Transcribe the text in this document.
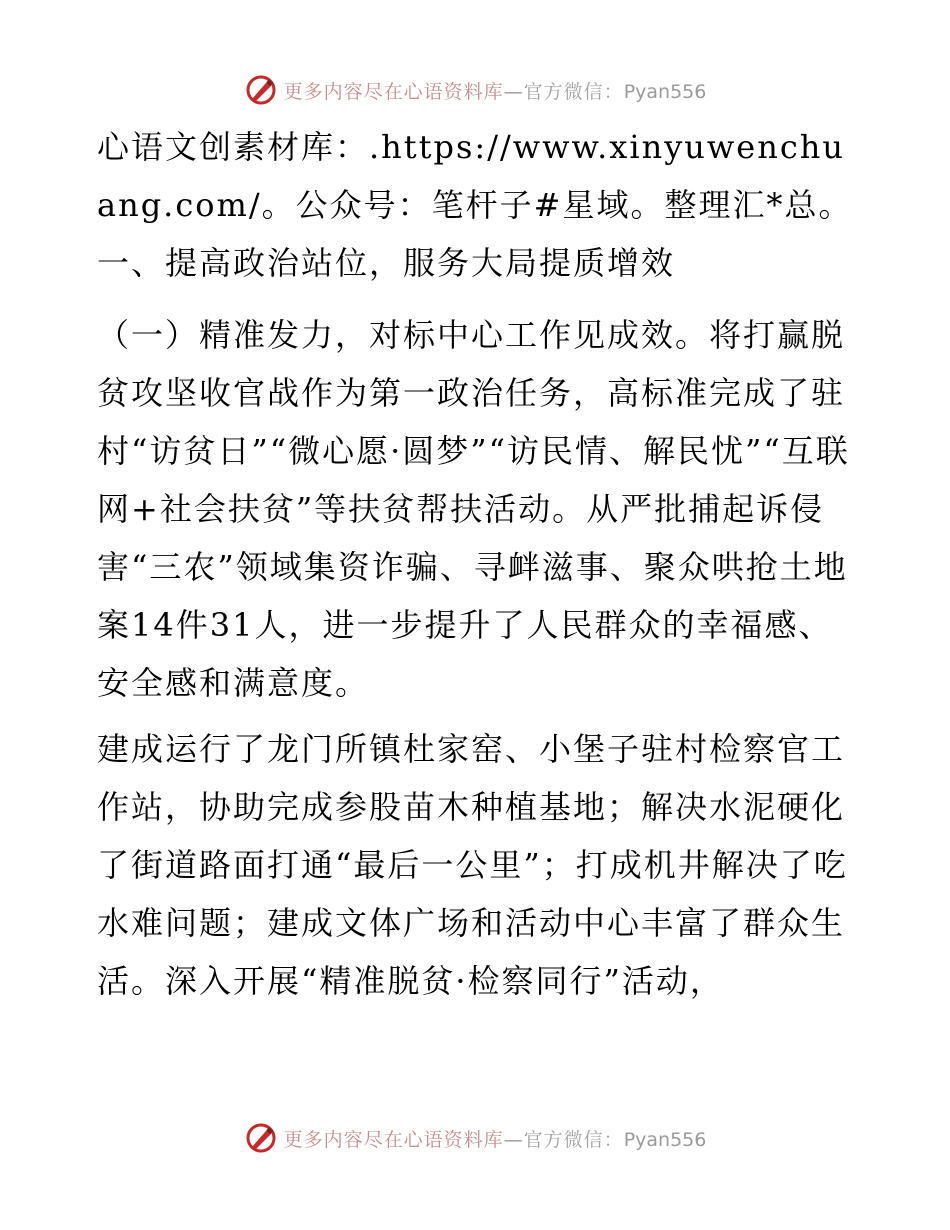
更多内容尽在心语资料库—官方微信：Pyan556

心语文创素材库：.https://www.xinyuwenchuang.com/。公众号：笔杆子#星域。整理汇*总。一、提高政治站位，服务大局提质增效

（一）精准发力，对标中心工作见成效。将打赢脱贫攻坚收官战作为第一政治任务，高标准完成了驻村“访贫日”“微心愿·圆梦”“访民情、解民忧”“互联网+社会扶贫”等扶贫帮扶活动。从严批捕起诉侵害“三农”领域集资诈骗、寻衅滋事、聚众哄抢土地案14件31人，进一步提升了人民群众的幸福感、安全感和满意度。

建成运行了龙门所镇杜家窑、小堡子驻村检察官工作站，协助完成参股苗木种植基地；解决水泥硬化了街道路面打通“最后一公里”；打成机井解决了吃水难问题；建成文体广场和活动中心丰富了群众生活。深入开展“精准脱贫·检察同行”活动，

更多内容尽在心语资料库—官方微信：Pyan556
